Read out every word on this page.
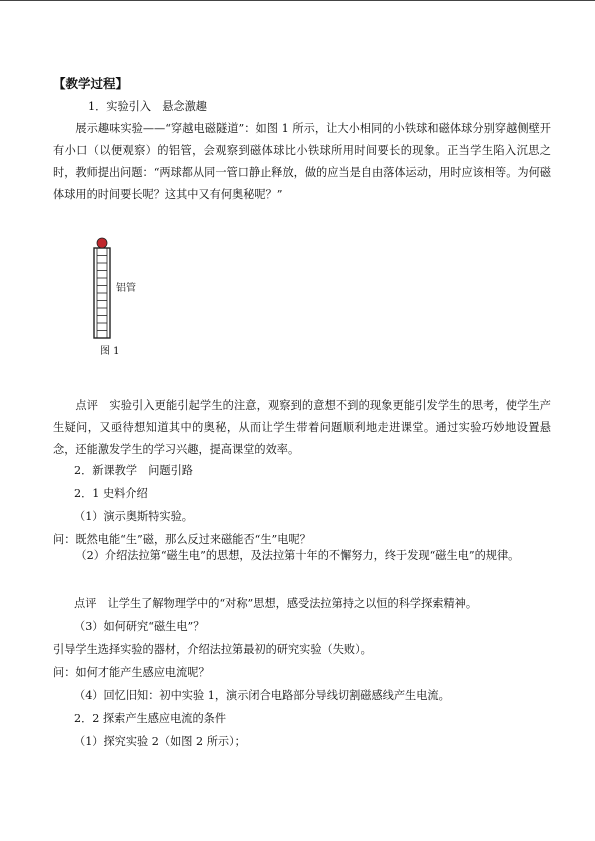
【教学过程】
1．实验引入　悬念激趣
展示趣味实验——“穿越电磁隧道”：如图 1 所示，让大小相同的小铁球和磁体球分别穿越侧壁开有小口（以便观察）的铝管，会观察到磁体球比小铁球所用时间要长的现象。正当学生陷入沉思之时，教师提出问题：“两球都从同一管口静止释放，做的应当是自由落体运动，用时应该相等。为何磁体球用的时间要长呢？这其中又有何奥秘呢？”
铝管
图 1
点评　实验引入更能引起学生的注意，观察到的意想不到的现象更能引发学生的思考，使学生产生疑问，又亟待想知道其中的奥秘，从而让学生带着问题顺利地走进课堂。通过实验巧妙地设置悬念，还能激发学生的学习兴趣，提高课堂的效率。
2．新课教学　问题引路
2．1 史料介绍
（1）演示奥斯特实验。
问：既然电能“生”磁，那么反过来磁能否“生”电呢？
（2）介绍法拉第“磁生电”的思想，及法拉第十年的不懈努力，终于发现“磁生电”的规律。
点评　让学生了解物理学中的“对称”思想，感受法拉第持之以恒的科学探索精神。
（3）如何研究“磁生电”？
引导学生选择实验的器材，介绍法拉第最初的研究实验（失败）。
问：如何才能产生感应电流呢？
（4）回忆旧知：初中实验 1，演示闭合电路部分导线切割磁感线产生电流。
2．2 探索产生感应电流的条件
（1）探究实验 2（如图 2 所示）；
